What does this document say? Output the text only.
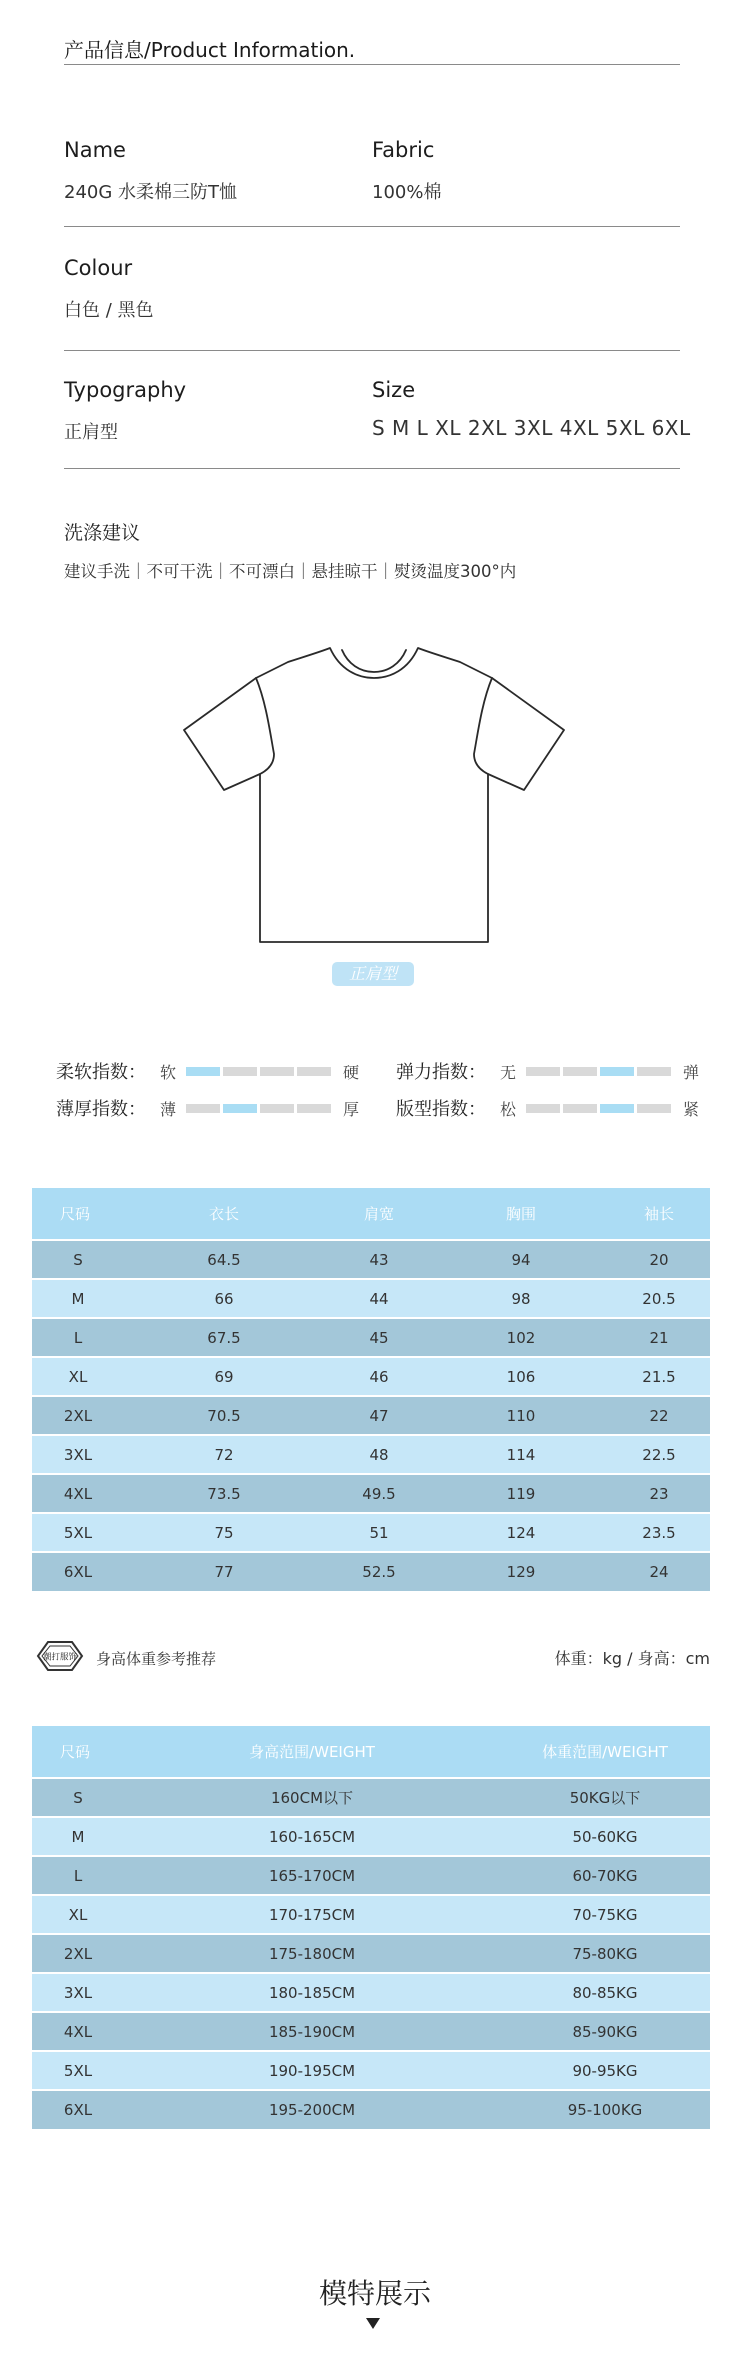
产品信息/Product Information.
Name
240G 水柔棉三防T恤
Fabric
100%棉
Colour
白色 / 黑色
Typography
正肩型
Size
S M L XL 2XL 3XL 4XL 5XL 6XL
洗涤建议
建议手洗｜不可干洗｜不可漂白｜悬挂晾干｜熨烫温度300°内
正肩型
柔软指数： 软	硬 弹力指数： 无	弹
薄厚指数： 薄	厚 版型指数： 松	紧
尺码	衣长	肩宽	胸围	袖长
S	64.5	43	94	20
M	66	44	98	20.5
L	67.5	45	102	21
XL	69	46	106	21.5
2XL	70.5	47	110	22
3XL	72	48	114	22.5
4XL	73.5	49.5	119	23
5XL	75	51	124	23.5
6XL	77	52.5	129	24
潮打服饰 身高体重参考推荐	体重：kg / 身高：cm
尺码	身高范围/WEIGHT	体重范围/WEIGHT
S	160CM以下	50KG以下
M	160-165CM	50-60KG
L	165-170CM	60-70KG
XL	170-175CM	70-75KG
2XL	175-180CM	75-80KG
3XL	180-185CM	80-85KG
4XL	185-190CM	85-90KG
5XL	190-195CM	90-95KG
6XL	195-200CM	95-100KG
模特展示
